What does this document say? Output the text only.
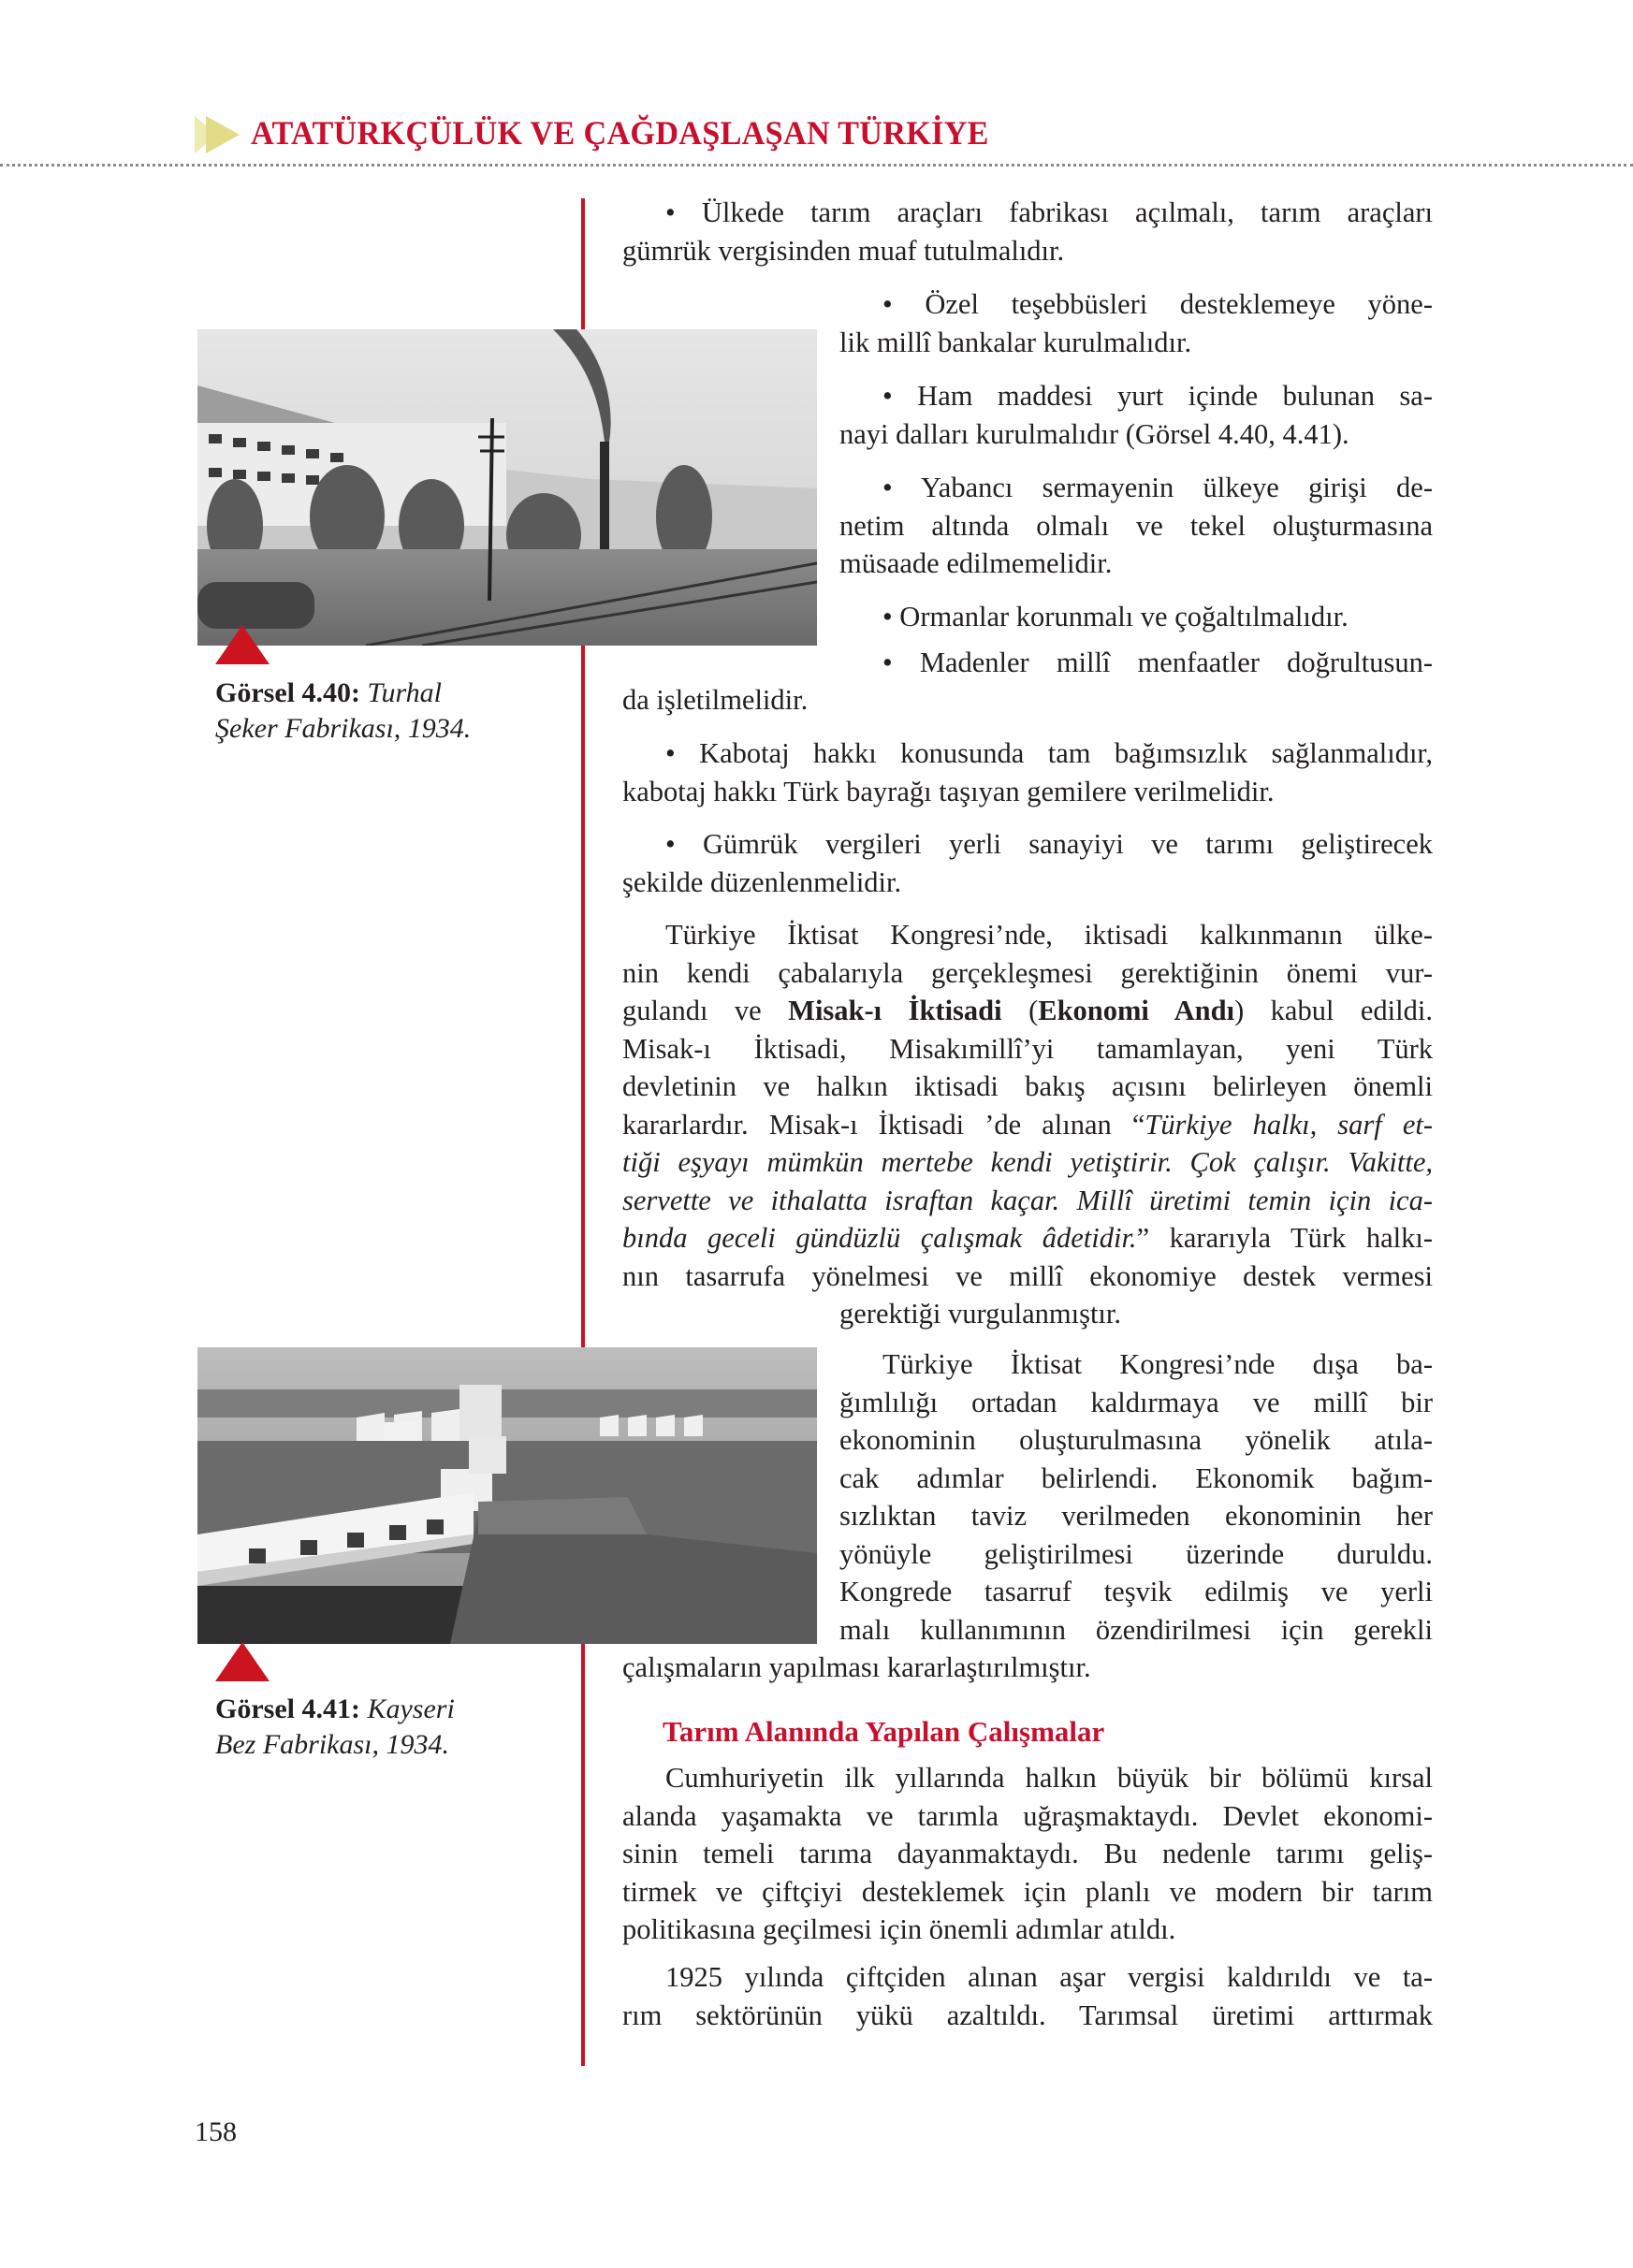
ATATÜRKÇÜLÜK VE ÇAĞDAŞLAŞAN TÜRKİYE
Görsel 4.40: Turhal
Şeker Fabrikası, 1934.
Görsel 4.41: Kayseri
Bez Fabrikası, 1934.

• Ülkede tarım araçları fabrikası açılmalı, tarım araçları

gümrük vergisinden muaf tutulmalıdır.

• Özel teşebbüsleri desteklemeye yöne-

lik millî bankalar kurulmalıdır.

• Ham maddesi yurt içinde bulunan sa-

nayi dalları kurulmalıdır (Görsel 4.40, 4.41).

• Yabancı sermayenin ülkeye girişi de-

netim altında olmalı ve tekel oluşturmasına

müsaade edilmemelidir.

• Ormanlar korunmalı ve çoğaltılmalıdır.

• Madenler millî menfaatler doğrultusun-

da işletilmelidir.

• Kabotaj hakkı konusunda tam bağımsızlık sağlanmalıdır,

kabotaj hakkı Türk bayrağı taşıyan gemilere verilmelidir.

• Gümrük vergileri yerli sanayiyi ve tarımı geliştirecek

şekilde düzenlenmelidir.

Türkiye İktisat Kongresi’nde, iktisadi kalkınmanın ülke-

nin kendi çabalarıyla gerçekleşmesi gerektiğinin önemi vur-

gulandı ve Misak-ı İktisadi (Ekonomi Andı) kabul edildi.

Misak-ı İktisadi, Misakımillî’yi tamamlayan, yeni Türk

devletinin ve halkın iktisadi bakış açısını belirleyen önemli

kararlardır. Misak-ı İktisadi ’de alınan “Türkiye halkı, sarf et-

tiği eşyayı mümkün mertebe kendi yetiştirir. Çok çalışır. Vakitte,

servette ve ithalatta israftan kaçar. Millî üretimi temin için ica-

bında geceli gündüzlü çalışmak âdetidir.” kararıyla Türk halkı-

nın tasarrufa yönelmesi ve millî ekonomiye destek vermesi

gerektiği vurgulanmıştır.

Türkiye İktisat Kongresi’nde dışa ba-

ğımlılığı ortadan kaldırmaya ve millî bir

ekonominin oluşturulmasına yönelik atıla-

cak adımlar belirlendi. Ekonomik bağım-

sızlıktan taviz verilmeden ekonominin her

yönüyle geliştirilmesi üzerinde duruldu.

Kongrede tasarruf teşvik edilmiş ve yerli

malı kullanımının özendirilmesi için gerekli

çalışmaların yapılması kararlaştırılmıştır.

Tarım Alanında Yapılan Çalışmalar

Cumhuriyetin ilk yıllarında halkın büyük bir bölümü kırsal

alanda yaşamakta ve tarımla uğraşmaktaydı. Devlet ekonomi-

sinin temeli tarıma dayanmaktaydı. Bu nedenle tarımı geliş-

tirmek ve çiftçiyi desteklemek için planlı ve modern bir tarım

politikasına geçilmesi için önemli adımlar atıldı.

1925 yılında çiftçiden alınan aşar vergisi kaldırıldı ve ta-

rım sektörünün yükü azaltıldı. Tarımsal üretimi arttırmak

158
